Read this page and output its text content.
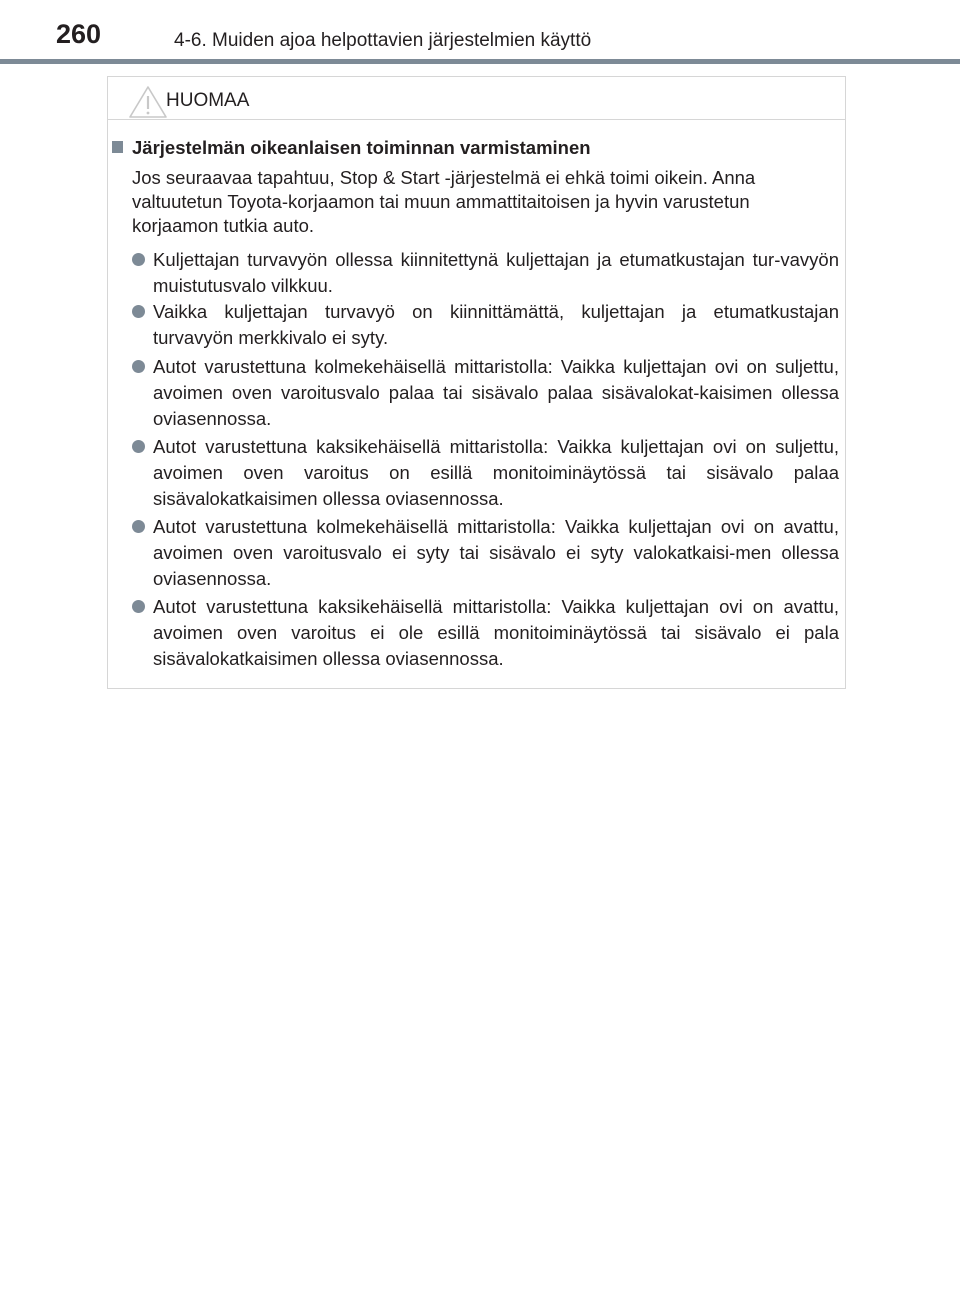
260	4-6. Muiden ajoa helpottavien järjestelmien käyttö
HUOMAA
Järjestelmän oikeanlaisen toiminnan varmistaminen
Jos seuraavaa tapahtuu, Stop & Start -järjestelmä ei ehkä toimi oikein. Anna valtuutetun Toyota-korjaamon tai muun ammattitaitoisen ja hyvin varustetun korjaamon tutkia auto.
Kuljettajan turvavyön ollessa kiinnitettynä kuljettajan ja etumatkustajan tur-vavyön muistutusvalo vilkkuu.
Vaikka kuljettajan turvavyö on kiinnittämättä, kuljettajan ja etumatkustajan turvavyön merkkivalo ei syty.
Autot varustettuna kolmekehäisellä mittaristolla: Vaikka kuljettajan ovi on suljettu, avoimen oven varoitusvalo palaa tai sisävalo palaa sisävalokat-kaisimen ollessa oviasennossa.
Autot varustettuna kaksikehäisellä mittaristolla: Vaikka kuljettajan ovi on suljettu, avoimen oven varoitus on esillä monitoiminäytössä tai sisävalo palaa sisävalokatkaisimen ollessa oviasennossa.
Autot varustettuna kolmekehäisellä mittaristolla: Vaikka kuljettajan ovi on avattu, avoimen oven varoitusvalo ei syty tai sisävalo ei syty valokatkaisi-men ollessa oviasennossa.
Autot varustettuna kaksikehäisellä mittaristolla: Vaikka kuljettajan ovi on avattu, avoimen oven varoitus ei ole esillä monitoiminäytössä tai sisävalo ei pala sisävalokatkaisimen ollessa oviasennossa.
